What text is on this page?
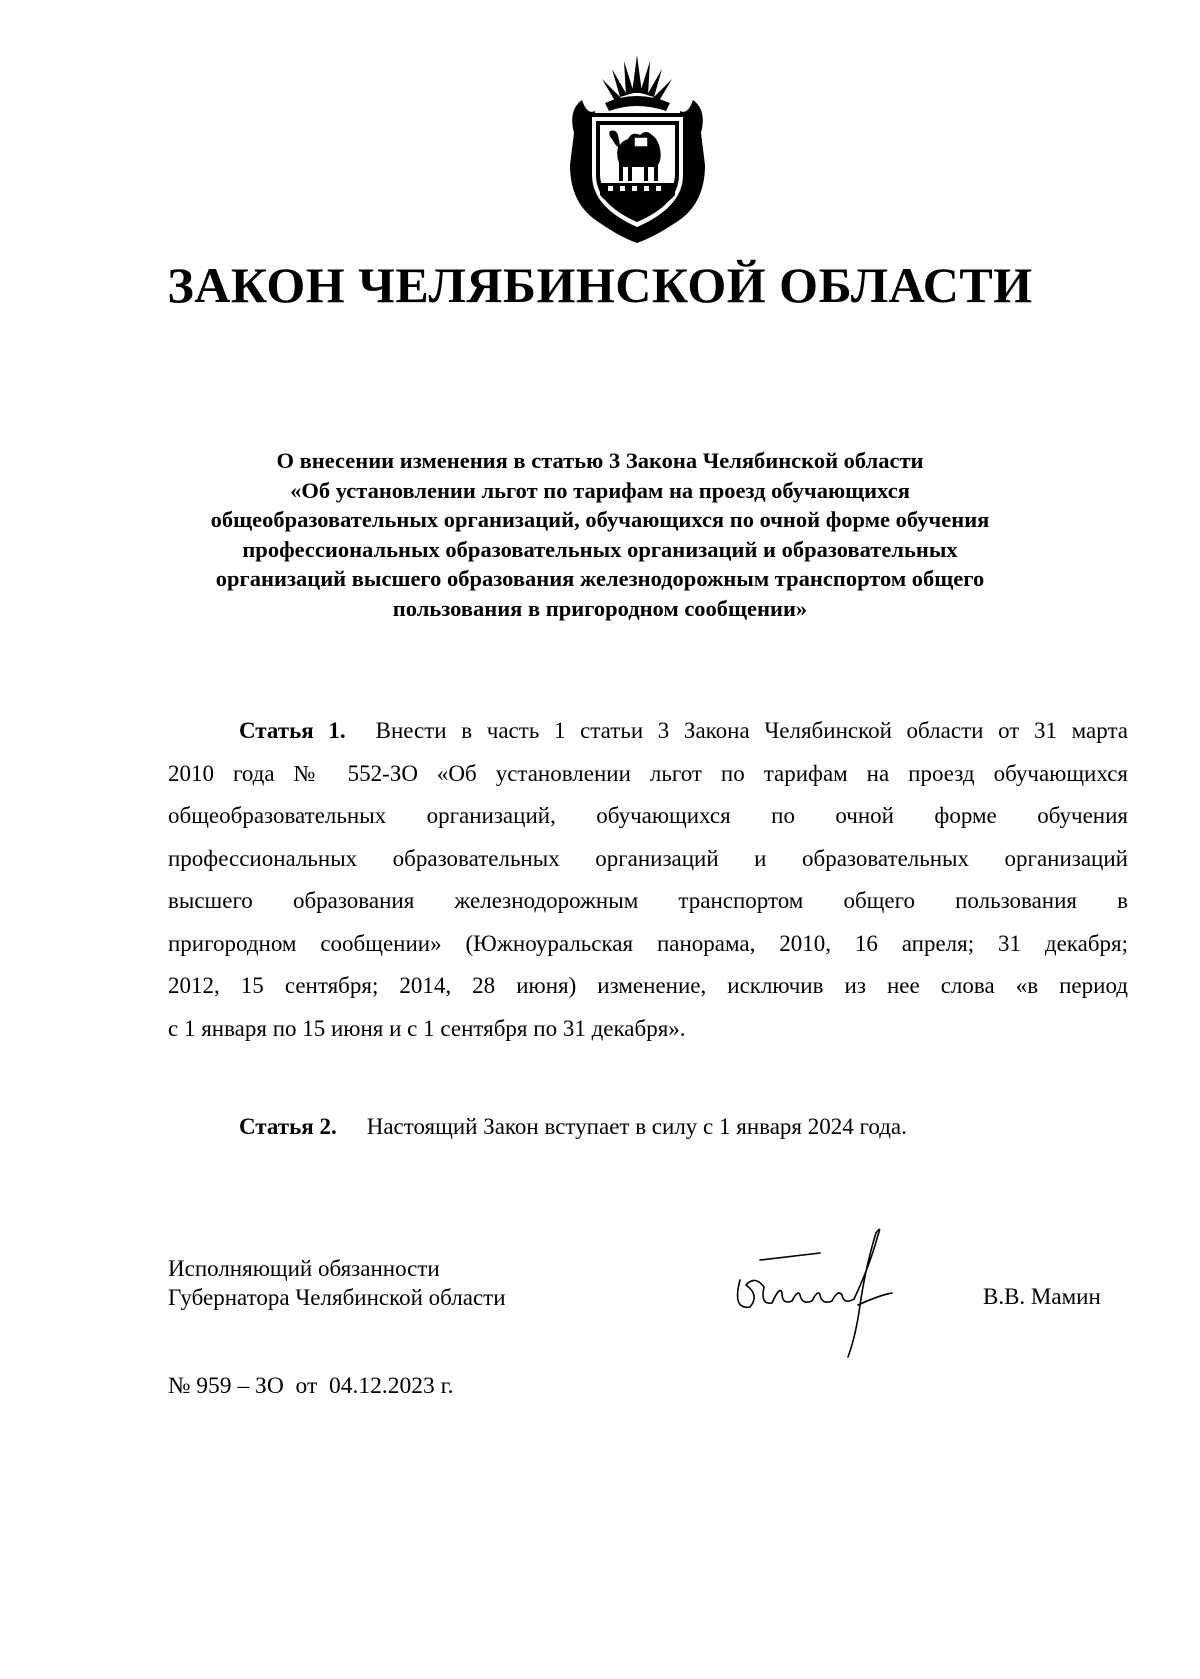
ЗАКОН ЧЕЛЯБИНСКОЙ ОБЛАСТИ
О внесении изменения в статью 3 Закона Челябинской области
«Об установлении льгот по тарифам на проезд обучающихся
общеобразовательных организаций, обучающихся по очной форме обучения
профессиональных образовательных организаций и образовательных
организаций высшего образования железнодорожным транспортом общего
пользования в пригородном сообщении»
Статья 1. Внести в часть 1 статьи 3 Закона Челябинской области от 31 марта
2010 года № 552-ЗО «Об установлении льгот по тарифам на проезд обучающихся
общеобразовательных организаций, обучающихся по очной форме обучения
профессиональных образовательных организаций и образовательных организаций
высшего образования железнодорожным транспортом общего пользования в
пригородном сообщении» (Южноуральская панорама, 2010, 16 апреля; 31 декабря;
2012, 15 сентября; 2014, 28 июня) изменение, исключив из нее слова «в период
с 1 января по 15 июня и с 1 сентября по 31 декабря».
Статья 2. Настоящий Закон вступает в силу с 1 января 2024 года.
Исполняющий обязанности
Губернатора Челябинской области	В.В. Мамин
№ 959 – ЗО  от  04.12.2023 г.
